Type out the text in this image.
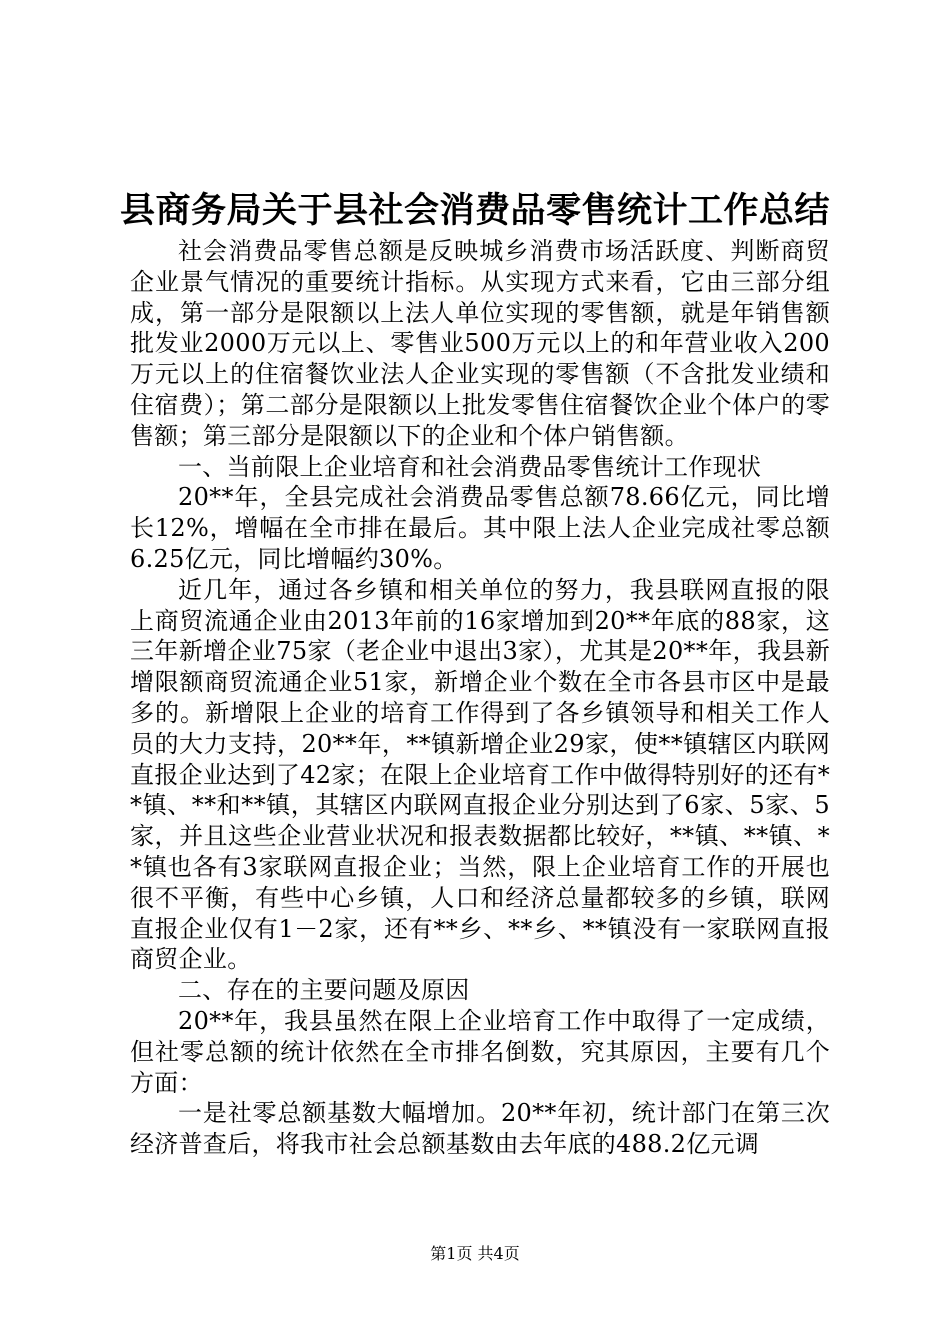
县商务局关于县社会消费品零售统计工作总结

社会消费品零售总额是反映城乡消费市场活跃度、判断商贸企业景气情况的重要统计指标。从实现方式来看，它由三部分组成，第一部分是限额以上法人单位实现的零售额，就是年销售额批发业2000万元以上、零售业500万元以上的和年营业收入200万元以上的住宿餐饮业法人企业实现的零售额（不含批发业绩和住宿费）；第二部分是限额以上批发零售住宿餐饮企业个体户的零售额；第三部分是限额以下的企业和个体户销售额。

一、当前限上企业培育和社会消费品零售统计工作现状

20**年，全县完成社会消费品零售总额78.66亿元，同比增长12%，增幅在全市排在最后。其中限上法人企业完成社零总额6.25亿元，同比增幅约30%。

近几年，通过各乡镇和相关单位的努力，我县联网直报的限上商贸流通企业由2013年前的16家增加到20**年底的88家，这三年新增企业75家（老企业中退出3家），尤其是20**年，我县新增限额商贸流通企业51家，新增企业个数在全市各县市区中是最多的。新增限上企业的培育工作得到了各乡镇领导和相关工作人员的大力支持，20**年，**镇新增企业29家，使**镇辖区内联网直报企业达到了42家；在限上企业培育工作中做得特别好的还有**镇、**和**镇，其辖区内联网直报企业分别达到了6家、5家、5家，并且这些企业营业状况和报表数据都比较好，**镇、**镇、**镇也各有3家联网直报企业；当然，限上企业培育工作的开展也很不平衡，有些中心乡镇，人口和经济总量都较多的乡镇，联网直报企业仅有1－2家，还有**乡、**乡、**镇没有一家联网直报商贸企业。

二、存在的主要问题及原因

20**年，我县虽然在限上企业培育工作中取得了一定成绩，但社零总额的统计依然在全市排名倒数，究其原因，主要有几个方面：

一是社零总额基数大幅增加。20**年初，统计部门在第三次经济普查后，将我市社会总额基数由去年底的488.2亿元调

第1页 共4页
